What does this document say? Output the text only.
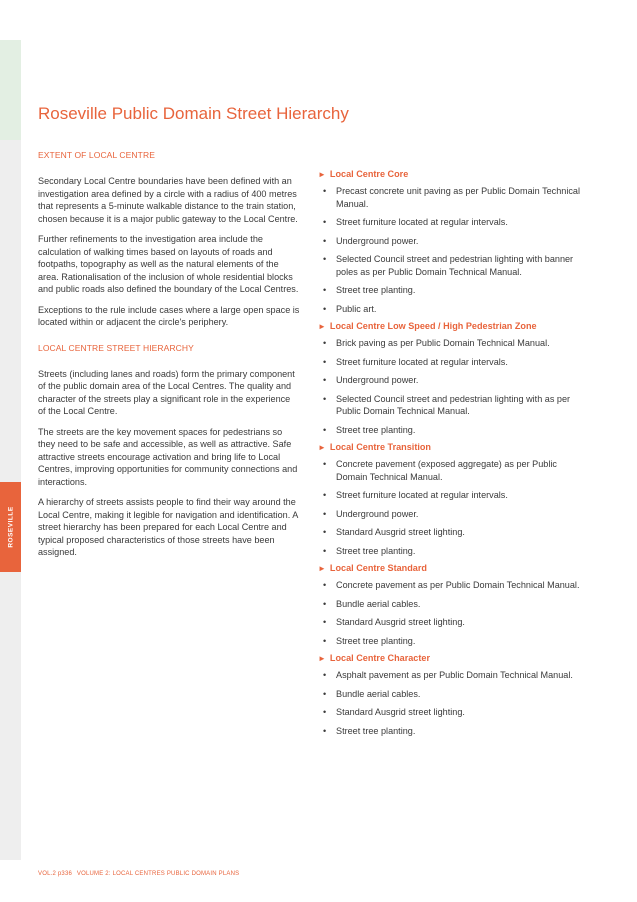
ROSEVILLE
Roseville Public Domain Street Hierarchy
EXTENT OF LOCAL CENTRE

Secondary Local Centre boundaries have been defined with an investigation area defined by a circle with a radius of 400 metres that represents a 5-minute walkable distance to the train station, chosen because it is a major public gateway to the Local Centre.

Further refinements to the investigation area include the calculation of walking times based on layouts of roads and footpaths, topography as well as the natural elements of the area. Rationalisation of the inclusion of whole residential blocks and public roads also defined the boundary of the Local Centres.

Exceptions to the rule include cases where a large open space is located within or adjacent the circle's periphery.

LOCAL CENTRE STREET HIERARCHY

Streets (including lanes and roads) form the primary component of the public domain area of the Local Centres. The quality and character of the streets play a significant role in the experience of the Local Centre.

The streets are the key movement spaces for pedestrians so they need to be safe and accessible, as well as attractive. Safe attractive streets encourage activation and bring life to Local Centres, improving opportunities for community connections and interactions.

A hierarchy of streets assists people to find their way around the Local Centre, making it legible for navigation and identification. A street hierarchy has been prepared for each Local Centre and typical proposed characteristics of those streets have been assigned.

► Local Centre Core
• Precast concrete unit paving as per Public Domain Technical Manual.
• Street furniture located at regular intervals.
• Underground power.
• Selected Council street and pedestrian lighting with banner poles as per Public Domain Technical Manual.
• Street tree planting.
• Public art.
► Local Centre Low Speed / High Pedestrian Zone
• Brick paving as per Public Domain Technical Manual.
• Street furniture located at regular intervals.
• Underground power.
• Selected Council street and pedestrian lighting with as per Public Domain Technical Manual.
• Street tree planting.
► Local Centre Transition
• Concrete pavement (exposed aggregate) as per Public Domain Technical Manual.
• Street furniture located at regular intervals.
• Underground power.
• Standard Ausgrid street lighting.
• Street tree planting.
► Local Centre Standard
• Concrete pavement as per Public Domain Technical Manual.
• Bundle aerial cables.
• Standard Ausgrid street lighting.
• Street tree planting.
► Local Centre Character
• Asphalt pavement as per Public Domain Technical Manual.
• Bundle aerial cables.
• Standard Ausgrid street lighting.
• Street tree planting.
VOL.2 p336 VOLUME 2: LOCAL CENTRES PUBLIC DOMAIN PLANS
